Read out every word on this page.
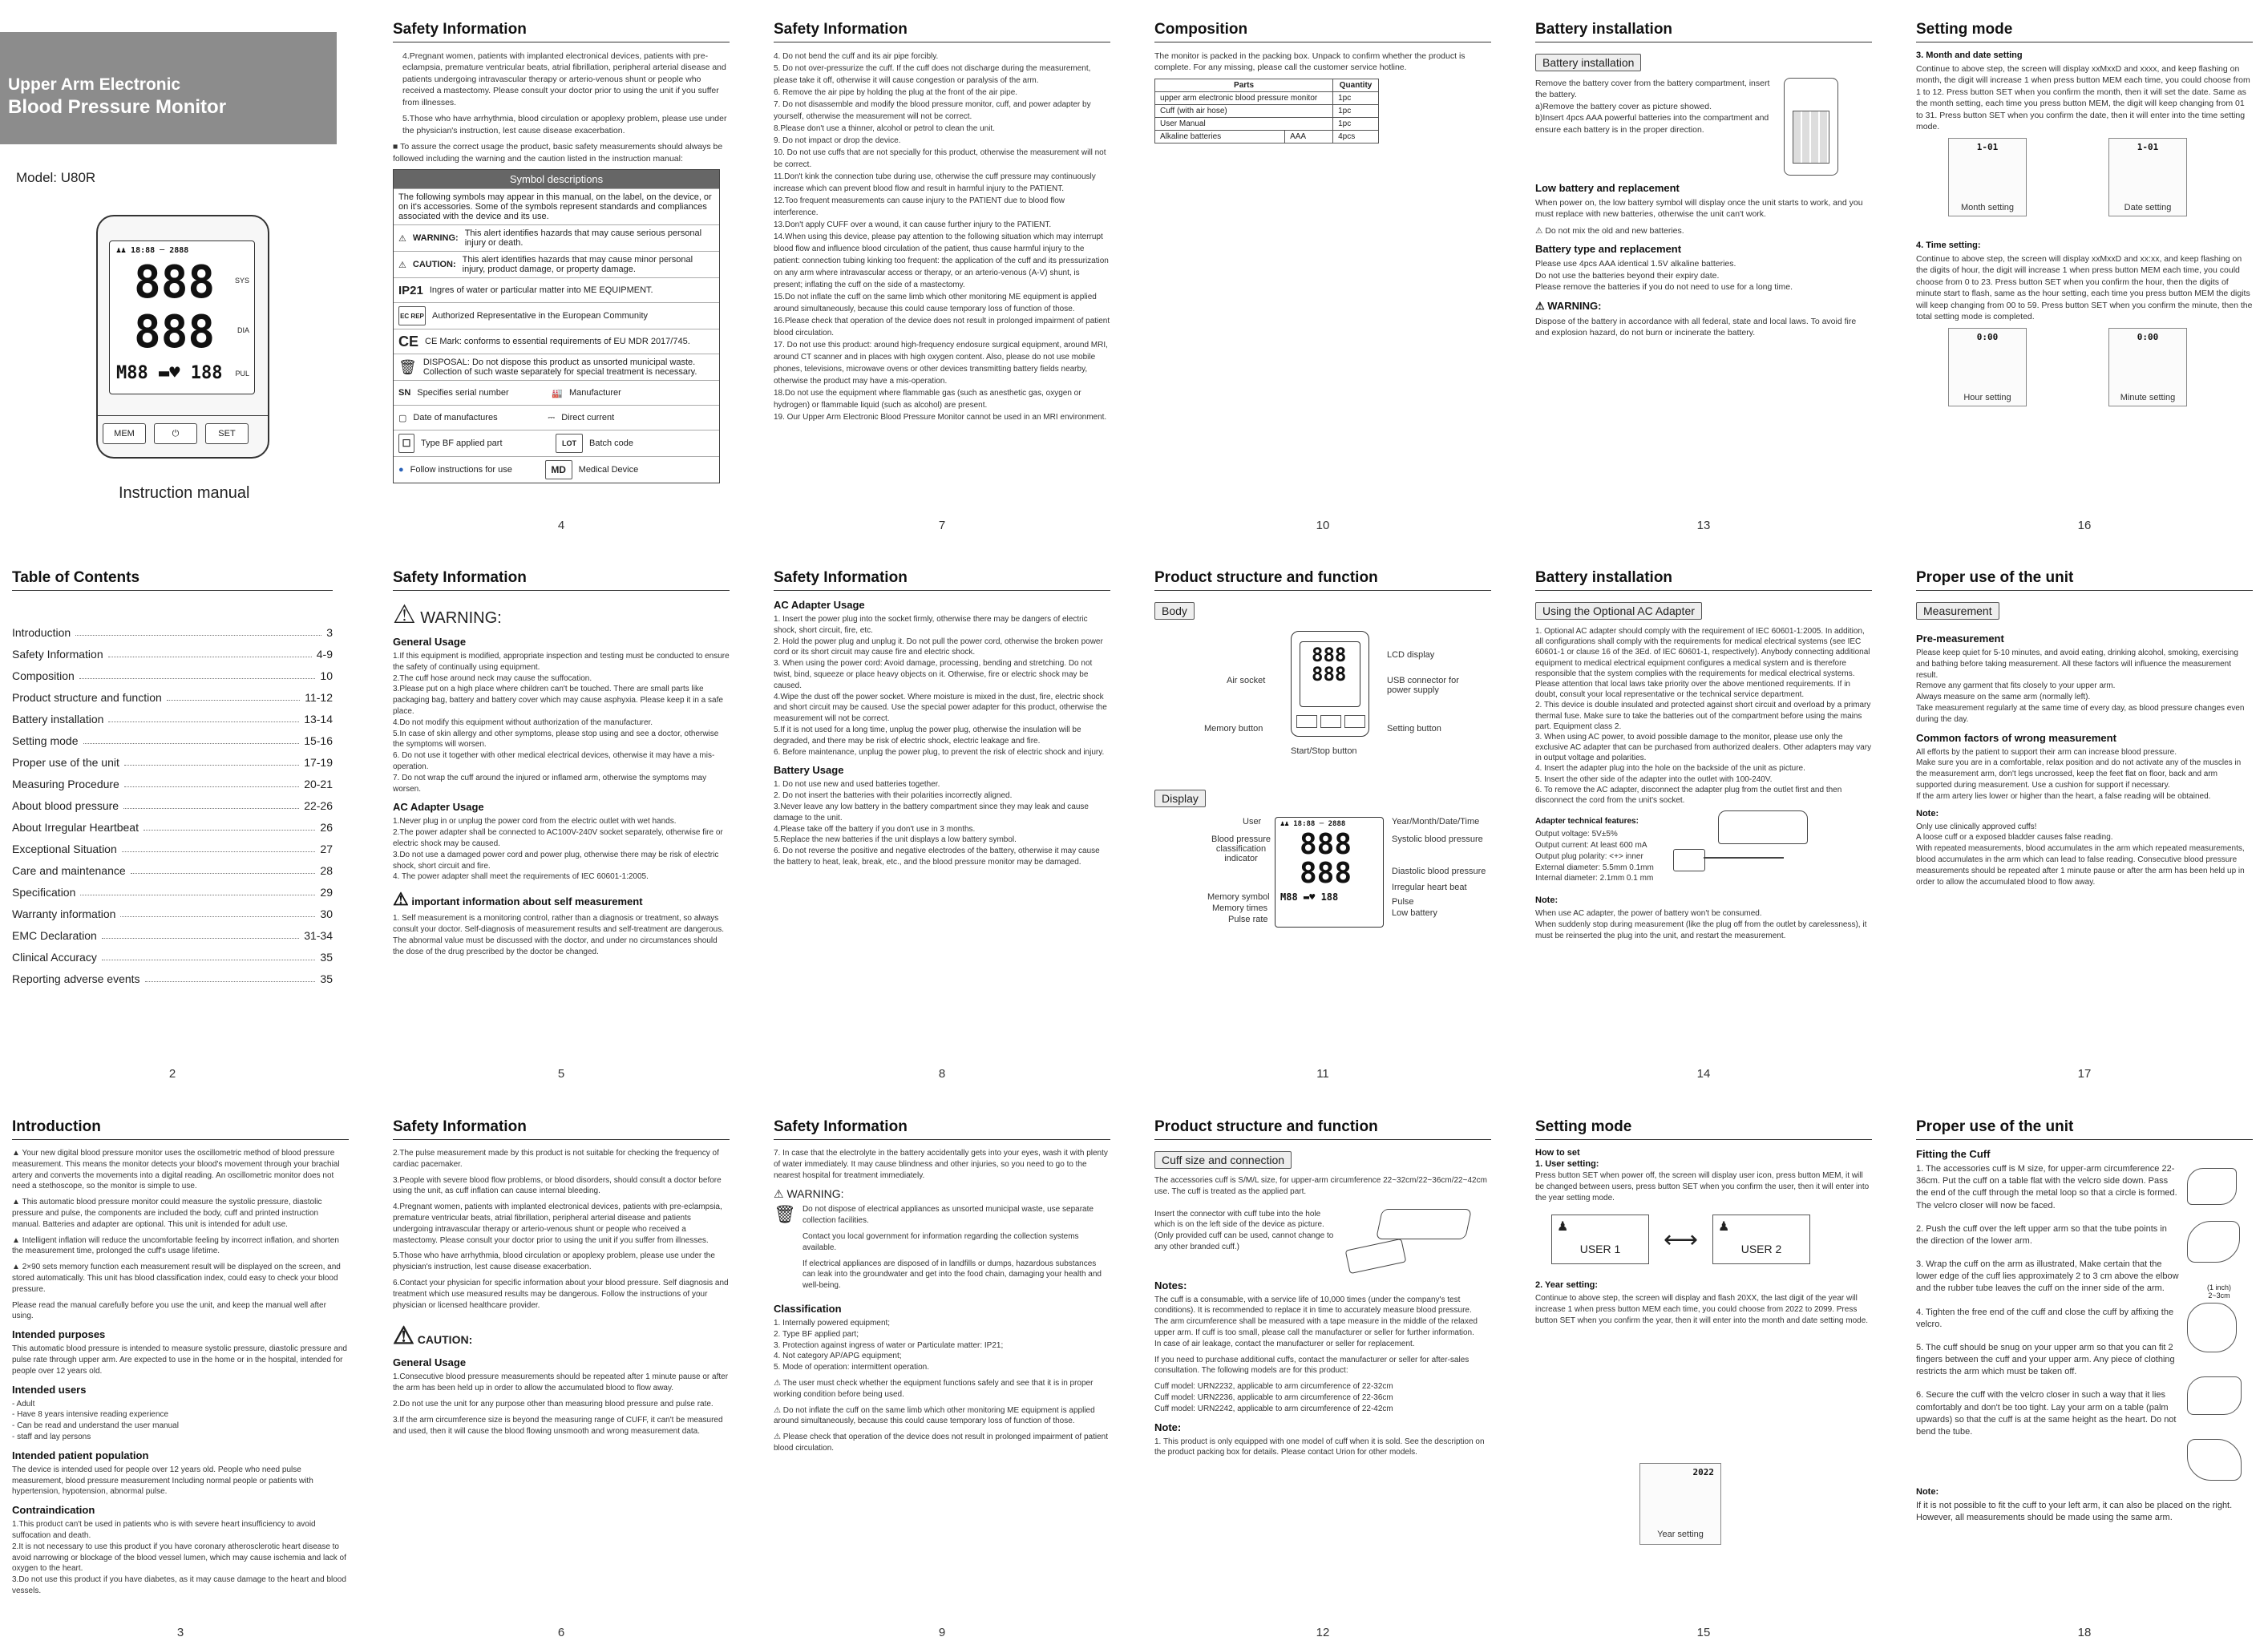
Upper Arm Electronic
Blood Pressure Monitor
Model: U80R
♟♟ 18:88 ─ 2888
888	SYS
888	DIA
M88 ▬♥ 188 PUL
MEM	⏻	SET
Instruction manual
Safety Information

4.Pregnant women, patients with implanted electronical devices, patients with pre-eclampsia, premature ventricular beats, atrial fibrillation, peripheral arterial disease and patients undergoing intravascular therapy or arterio-venous shunt or people who received a mastectomy. Please consult your doctor prior to using the unit if you suffer from illnesses.

5.Those who have arrhythmia, blood circulation or apoplexy problem, please use under the physician's instruction, lest cause disease exacerbation.

■ To assure the correct usage the product, basic safety measurements should always be followed including the warning and the caution listed in the instruction manual:

Symbol descriptions
The following symbols may appear in this manual, on the label, on the device, or on it's accessories. Some of the symbols represent standards and compliances associated with the device and its use.
⚠ WARNING: This alert identifies hazards that may cause serious personal injury or death.
⚠ CAUTION: This alert identifies hazards that may cause minor personal injury, product damage, or property damage.
IP21 Ingres of water or particular matter into ME EQUIPMENT.
EC REP Authorized Representative in the European Community
CE CE Mark: conforms to essential requirements of EU MDR 2017/745.
🗑 DISPOSAL: Do not dispose this product as unsorted municipal waste. Collection of such waste separately for special treatment is necessary.
SN Specifies serial number	🏭 Manufacturer
▢ Date of manufactures	⎓ Direct current
☐	Type BF applied part	LOT	Batch code
● Follow instructions for use	MD	Medical Device
4
Safety Information

4. Do not bend the cuff and its air pipe forcibly.
5. Do not over-pressurize the cuff. If the cuff does not discharge during the measurement, please take it off, otherwise it will cause congestion or paralysis of the arm.
6. Remove the air pipe by holding the plug at the front of the air pipe.
7. Do not disassemble and modify the blood pressure monitor, cuff, and power adapter by yourself, otherwise the measurement will not be correct.
8.Please don't use a thinner, alcohol or petrol to clean the unit.
9. Do not impact or drop the device.
10. Do not use cuffs that are not specially for this product, otherwise the measurement will not be correct.
11.Don't kink the connection tube during use, otherwise the cuff pressure may continuously increase which can prevent blood flow and result in harmful injury to the PATIENT.
12.Too frequent measurements can cause injury to the PATIENT due to blood flow interference.
13.Don't apply CUFF over a wound, it can cause further injury to the PATIENT.
14.When using this device, please pay attention to the following situation which may interrupt blood flow and influence blood circulation of the patient, thus cause harmful injury to the patient: connection tubing kinking too frequent: the application of the cuff and its pressurization on any arm where intravascular access or therapy, or an arterio-venous (A-V) shunt, is present; inflating the cuff on the side of a mastectomy.
15.Do not inflate the cuff on the same limb which other monitoring ME equipment is applied around simultaneously, because this could cause temporary loss of function of those.
16.Please check that operation of the device does not result in prolonged impairment of patient blood circulation.
17. Do not use this product: around high-frequency endosure surgical equipment, around MRI, around CT scanner and in places with high oxygen content. Also, please do not use mobile phones, televisions, microwave ovens or other devices transmitting battery fields nearby, otherwise the product may have a mis-operation.
18.Do not use the equipment where flammable gas (such as anesthetic gas, oxygen or hydrogen) or flammable liquid (such as alcohol) are present.
19. Our Upper Arm Electronic Blood Pressure Monitor cannot be used in an MRI environment.

7
Composition

The monitor is packed in the packing box. Unpack to confirm whether the product is complete. For any missing, please call the customer service hotline.

Parts		Quantity
upper arm electronic blood pressure monitor		1pc
Cuff (with air hose)		1pc
User Manual		1pc
Alkaline batteries	AAA	4pcs
10
Battery installation
Battery installation

Remove the battery cover from the battery compartment, insert the battery.
a)Remove the battery cover as picture showed.
b)Insert 4pcs AAA powerful batteries into the compartment and ensure each battery is in the proper direction.

Low battery and replacement

When power on, the low battery symbol will display once the unit starts to work, and you must replace with new batteries, otherwise the unit can't work.

⚠ Do not mix the old and new batteries.

Battery type and replacement

Please use 4pcs AAA identical 1.5V alkaline batteries.
Do not use the batteries beyond their expiry date.
Please remove the batteries if you do not need to use for a long time.

⚠ WARNING:

Dispose of the battery in accordance with all federal, state and local laws. To avoid fire and explosion hazard, do not burn or incinerate the battery.

13
Setting mode
3. Month and date setting

Continue to above step, the screen will display xxMxxD and xxxx, and keep flashing on month, the digit will increase 1 when press button MEM each time, you could choose from 1 to 12. Press button SET when you confirm the month, then it will set the date. Same as the month setting, each time you press button MEM, the digit will keep changing from 01 to 31. Press button SET when you confirm the date, then it will enter into the time setting mode.

1-01
Month setting
1-01
Date setting
4. Time setting:

Continue to above step, the screen will display xxMxxD and xx:xx, and keep flashing on the digits of hour, the digit will increase 1 when press button MEM each time, you could choose from 0 to 23. Press button SET when you confirm the hour, then the digits of minute start to flash, same as the hour setting, each time you press button MEM the digits will keep changing from 00 to 59. Press button SET when you confirm the minute, then the total setting mode is completed.

0:00
Hour setting
0:00
Minute setting
16
Table of Contents
Introduction	3
Safety Information	4-9
Composition	10
Product structure and function	11-12
Battery installation	13-14
Setting mode	15-16
Proper use of the unit	17-19
Measuring Procedure	20-21
About blood pressure	22-26
About Irregular Heartbeat	26
Exceptional Situation	27
Care and maintenance	28
Specification	29
Warranty information	30
EMC Declaration	31-34
Clinical Accuracy	35
Reporting adverse events	35
2
Safety Information
⚠ WARNING:
General Usage

1.If this equipment is modified, appropriate inspection and testing must be conducted to ensure the safety of continually using equipment.
2.The cuff hose around neck may cause the suffocation.
3.Please put on a high place where children can't be touched. There are small parts like packaging bag, battery and battery cover which may cause asphyxia. Please keep it in a safe place.
4.Do not modify this equipment without authorization of the manufacturer.
5.In case of skin allergy and other symptoms, please stop using and see a doctor, otherwise the symptoms will worsen.
6. Do not use it together with other medical electrical devices, otherwise it may have a mis-operation.
7. Do not wrap the cuff around the injured or inflamed arm, otherwise the symptoms may worsen.

AC Adapter Usage

1.Never plug in or unplug the power cord from the electric outlet with wet hands.
2.The power adapter shall be connected to AC100V-240V socket separately, otherwise fire or electric shock may be caused.
3.Do not use a damaged power cord and power plug, otherwise there may be risk of electric shock, short circuit and fire.
4. The power adapter shall meet the requirements of IEC 60601-1:2005.

⚠ important information about self measurement

1. Self measurement is a monitoring control, rather than a diagnosis or treatment, so always consult your doctor. Self-diagnosis of measurement results and self-treatment are dangerous. The abnormal value must be discussed with the doctor, and under no circumstances should the dose of the drug prescribed by the doctor be changed.

5
Safety Information
AC Adapter Usage

1. Insert the power plug into the socket firmly, otherwise there may be dangers of electric shock, short circuit, fire, etc.
2. Hold the power plug and unplug it. Do not pull the power cord, otherwise the broken power cord or its short circuit may cause fire and electric shock.
3. When using the power cord: Avoid damage, processing, bending and stretching. Do not twist, bind, squeeze or place heavy objects on it. Otherwise, fire or electric shock may be caused.
4.Wipe the dust off the power socket. Where moisture is mixed in the dust, fire, electric shock and short circuit may be caused. Use the special power adapter for this product, otherwise the measurement will not be correct.
5.If it is not used for a long time, unplug the power plug, otherwise the insulation will be degraded, and there may be risk of electric shock, electric leakage and fire.
6. Before maintenance, unplug the power plug, to prevent the risk of electric shock and injury.

Battery Usage

1. Do not use new and used batteries together.
2. Do not insert the batteries with their polarities incorrectly aligned.
3.Never leave any low battery in the battery compartment since they may leak and cause damage to the unit.
4.Please take off the battery if you don't use in 3 months.
5.Replace the new batteries if the unit displays a low battery symbol.
6. Do not reverse the positive and negative electrodes of the battery, otherwise it may cause the battery to heat, leak, break, etc., and the blood pressure monitor may be damaged.

8
Product structure and function
Body
888
888
LCD display
Air socket	USB connector for power supply
Memory button	Setting button
Start/Stop button
Display
♟♟ 18:88 ─ 2888
888
888
M88 ▬♥ 188
User	Year/Month/Date/Time
Blood pressure classification indicator
Systolic blood pressure
Diastolic blood pressure
Irregular heart beat
Memory symbol	Pulse
Memory times	Low battery
Pulse rate
11
Battery installation
Using the Optional AC Adapter

1. Optional AC adapter should comply with the requirement of IEC 60601-1:2005. In addition, all configurations shall comply with the requirements for medical electrical systems (see IEC 60601-1 or clause 16 of the 3Ed. of IEC 60601-1, respectively). Anybody connecting additional equipment to medical electrical equipment configures a medical system and is therefore responsible that the system complies with the requirements for medical electrical systems. Please attention that local laws take priority over the above mentioned requirements. If in doubt, consult your local representative or the technical service department.
2. This device is double insulated and protected against short circuit and overload by a primary thermal fuse. Make sure to take the batteries out of the compartment before using the mains part. Equipment class 2.
3. When using AC power, to avoid possible damage to the monitor, please use only the exclusive AC adapter that can be purchased from authorized dealers. Other adapters may vary in output voltage and polarities.
4. Insert the adapter plug into the hole on the backside of the unit as picture.
5. Insert the other side of the adapter into the outlet with 100-240V.
6. To remove the AC adapter, disconnect the adapter plug from the outlet first and then disconnect the cord from the unit's socket.

Adapter technical features:

Output voltage: 5V±5%
Output current: At least 600 mA
Output plug polarity: <+> inner
External diameter: 5.5mm 0.1mm
Internal diameter: 2.1mm 0.1 mm

Note:

When use AC adapter, the power of battery won't be consumed.
When suddenly stop during measurement (like the plug off from the outlet by carelessness), it must be reinserted the plug into the unit, and restart the measurement.

14
Proper use of the unit
Measurement
Pre-measurement

Please keep quiet for 5-10 minutes, and avoid eating, drinking alcohol, smoking, exercising and bathing before taking measurement. All these factors will influence the measurement result.
Remove any garment that fits closely to your upper arm.
Always measure on the same arm (normally left).
Take measurement regularly at the same time of every day, as blood pressure changes even during the day.

Common factors of wrong measurement

All efforts by the patient to support their arm can increase blood pressure.
Make sure you are in a comfortable, relax position and do not activate any of the muscles in the measurement arm, don't legs uncrossed, keep the feet flat on floor, back and arm supported during measurement. Use a cushion for support if necessary.
If the arm artery lies lower or higher than the heart, a false reading will be obtained.

Note:

Only use clinically approved cuffs!
A loose cuff or a exposed bladder causes false reading.
With repeated measurements, blood accumulates in the arm which repeated measurements, blood accumulates in the arm which can lead to false reading. Consecutive blood pressure measurements should be repeated after 1 minute pause or after the arm has been held up in order to allow the accumulated blood to flow away.

17
Introduction

▲ Your new digital blood pressure monitor uses the oscillometric method of blood pressure measurement. This means the monitor detects your blood's movement through your brachial artery and converts the movements into a digital reading. An oscillometric monitor does not need a stethoscope, so the monitor is simple to use.

▲ This automatic blood pressure monitor could measure the systolic pressure, diastolic pressure and pulse, the components are included the body, cuff and printed instruction manual. Batteries and adapter are optional. This unit is intended for adult use.

▲ Intelligent inflation will reduce the uncomfortable feeling by incorrect inflation, and shorten the measurement time, prolonged the cuff's usage lifetime.

▲ 2×90 sets memory function each measurement result will be displayed on the screen, and stored automatically. This unit has blood classification index, could easy to check your blood pressure.

Please read the manual carefully before you use the unit, and keep the manual well after using.

Intended purposes

This automatic blood pressure is intended to measure systolic pressure, diastolic pressure and pulse rate through upper arm. Are expected to use in the home or in the hospital, intended for people over 12 years old.

Intended users

- Adult
- Have 8 years intensive reading experience
- Can be read and understand the user manual
- staff and lay persons

Intended patient population

The device is intended used for people over 12 years old. People who need pulse measurement, blood pressure measurement Including normal people or patients with hypertension, hypotension, abnormal pulse.

Contraindication

1.This product can't be used in patients who is with severe heart insufficiency to avoid suffocation and death.
2.It is not necessary to use this product if you have coronary atherosclerotic heart disease to avoid narrowing or blockage of the blood vessel lumen, which may cause ischemia and lack of oxygen to the heart.
3.Do not use this product if you have diabetes, as it may cause damage to the heart and blood vessels.

3
Safety Information

2.The pulse measurement made by this product is not suitable for checking the frequency of cardiac pacemaker.

3.People with severe blood flow problems, or blood disorders, should consult a doctor before using the unit, as cuff inflation can cause internal bleeding.

4.Pregnant women, patients with implanted electronical devices, patients with pre-eclampsia, premature ventricular beats, atrial fibrillation, peripheral arterial disease and patients undergoing intravascular therapy or arterio-venous shunt or people who received a mastectomy. Please consult your doctor prior to using the unit if you suffer from illnesses.

5.Those who have arrhythmia, blood circulation or apoplexy problem, please use under the physician's instruction, lest cause disease exacerbation.

6.Contact your physician for specific information about your blood pressure. Self diagnosis and treatment which use measured results may be dangerous. Follow the instructions of your physician or licensed healthcare provider.

⚠ CAUTION:
General Usage

1.Consecutive blood pressure measurements should be repeated after 1 minute pause or after the arm has been held up in order to allow the accumulated blood to flow away.

2.Do not use the unit for any purpose other than measuring blood pressure and pulse rate.

3.If the arm circumference size is beyond the measuring range of CUFF, it can't be measured and used, then it will cause the blood flowing unsmooth and wrong measurement data.

6
Safety Information

7. In case that the electrolyte in the battery accidentally gets into your eyes, wash it with plenty of water immediately. It may cause blindness and other injuries, so you need to go to the nearest hospital for treatment immediately.

⚠ WARNING:
🗑 Do not dispose of electrical appliances as unsorted municipal waste, use separate collection facilities.

Contact you local government for information regarding the collection systems available.

If electrical appliances are disposed of in landfills or dumps, hazardous substances can leak into the groundwater and get into the food chain, damaging your health and well-being.

Classification

1. Internally powered equipment;
2. Type BF applied part;
3. Protection against ingress of water or Particulate matter: IP21;
4. Not category AP/APG equipment;
5. Mode of operation: intermittent operation.

⚠ The user must check whether the equipment functions safely and see that it is in proper working condition before being used.

⚠ Do not inflate the cuff on the same limb which other monitoring ME equipment is applied around simultaneously, because this could cause temporary loss of function of those.

⚠ Please check that operation of the device does not result in prolonged impairment of patient blood circulation.

9
Product structure and function
Cuff size and connection

The accessories cuff is S/M/L size, for upper-arm circumference 22~32cm/22~36cm/22~42cm use. The cuff is treated as the applied part.

Insert the connector with cuff tube into the hole which is on the left side of the device as picture. (Only provided cuff can be used, cannot change to any other branded cuff.)

Notes:

The cuff is a consumable, with a service life of 10,000 times (under the company's test conditions). It is recommended to replace it in time to accurately measure blood pressure.
The arm circumference shall be measured with a tape measure in the middle of the relaxed upper arm. If cuff is too small, please call the manufacturer or seller for further information.
In case of air leakage, contact the manufacturer or seller for replacement.

If you need to purchase additional cuffs, contact the manufacturer or seller for after-sales consultation. The following models are for this product:

Cuff model: URN2232, applicable to arm circumference of 22-32cm

Cuff model: URN2236, applicable to arm circumference of 22-36cm

Cuff model: URN2242, applicable to arm circumference of 22-42cm

Note:

1. This product is only equipped with one model of cuff when it is sold. See the description on the product packing box for details. Please contact Urion for other models.

12
Setting mode
How to set
1. User setting:

Press button SET when power off, the screen will display user icon, press button MEM, it will be changed between users, press button SET when you confirm the user, then it will enter into the year setting mode.

♟
USER 1	⟷ ♟
USER 2
2. Year setting:

Continue to above step, the screen will display and flash 20XX, the last digit of the year will increase 1 when press button MEM each time, you could choose from 2022 to 2099. Press button SET when you confirm the year, then it will enter into the month and date setting mode.

2022
Year setting
15
Proper use of the unit
Fitting the Cuff

1. The accessories cuff is M size, for upper-arm circumference 22-36cm. Put the cuff on a table flat with the velcro side down. Pass the end of the cuff through the metal loop so that a circle is formed. The velcro closer will now be faced.

2. Push the cuff over the left upper arm so that the tube points in the direction of the lower arm.

3. Wrap the cuff on the arm as illustrated, Make certain that the lower edge of the cuff lies approximately 2 to 3 cm above the elbow and the rubber tube leaves the cuff on the inner side of the arm.

4. Tighten the free end of the cuff and close the cuff by affixing the velcro.

5. The cuff should be snug on your upper arm so that you can fit 2 fingers between the cuff and your upper arm. Any piece of clothing restricts the arm which must be taken off.

6. Secure the cuff with the velcro closer in such a way that it lies comfortably and don't be too tight. Lay your arm on a table (palm upwards) so that the cuff is at the same height as the heart. Do not bend the tube.

(1 inch)
2~3cm
Note:

If it is not possible to fit the cuff to your left arm, it can also be placed on the right. However, all measurements should be made using the same arm.

18
